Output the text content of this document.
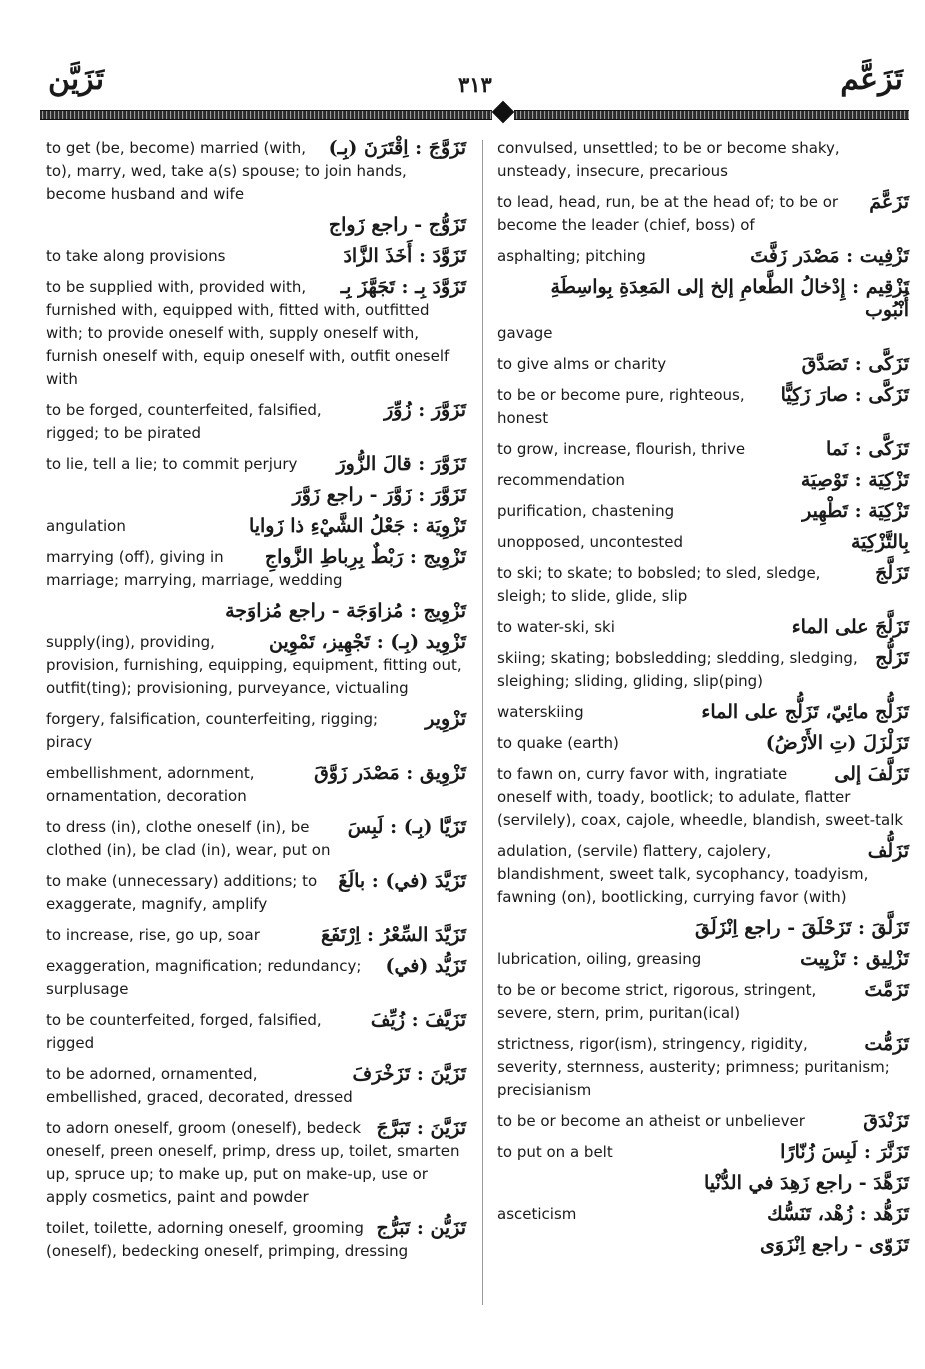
تَزَيَّن	٣١٣	تَزَعَّم
تَزَوَّجَ : اِقْتَرَنَ (بِـ)
to get (be, become) married (with, to), marry, wed, take a(s) spouse; to join hands, become husband and wife
تَزَوُّج - راجع زَواج
تَزَوَّدَ : أَخَذَ الزَّادَ
to take along provisions
تَزَوَّدَ بِـ : تَجَهَّزَ بِـ
to be supplied with, provided with, furnished with, equipped with, fitted with, outfitted with; to provide oneself with, supply oneself with, furnish oneself with, equip oneself with, outfit oneself with
تَزَوَّرَ : زُوِّرَ
to be forged, counterfeited, falsified, rigged; to be pirated
تَزَوَّرَ : قالَ الزُّورَ
to lie, tell a lie; to commit perjury
تَزَوَّرَ : زَوَّرَ - راجع زَوَّرَ
تَزْوِيَة : جَعْلُ الشَّيْءِ ذا زَوايا
angulation
تَزْوِيج : رَبْطٌ بِرِباطِ الزَّواجِ
marrying (off), giving in marriage; marrying, marriage, wedding
تَزْوِيج : مُزاوَجَة - راجع مُزاوَجة
تَزْوِيد (بِـ) : تَجْهِيز، تَمْوِين
supply(ing), providing, provision, furnishing, equipping, equipment, fitting out, outfit(ting); provisioning, purveyance, victualing
تَزْوِير
forgery, falsification, counterfeiting, rigging; piracy
تَزْوِيق : مَصْدَر زَوَّقَ
embellishment, adornment, ornamentation, decoration
تَزَيَّا (بِـ) : لَبِسَ
to dress (in), clothe oneself (in), be clothed (in), be clad (in), wear, put on
تَزَيَّدَ (في) : بالَغَ
to make (unnecessary) additions; to exaggerate, magnify, amplify
تَزَيَّدَ السِّعْرُ : اِرْتَفَعَ
to increase, rise, go up, soar
تَزَيُّد (في)
exaggeration, magnification; redundancy; surplusage
تَزَيَّفَ : زُيِّفَ
to be counterfeited, forged, falsified, rigged
تَزَيَّنَ : تَزَخْرَفَ
to be adorned, ornamented, embellished, graced, decorated, dressed
تَزَيَّنَ : تَبَرَّجَ
to adorn oneself, groom (oneself), bedeck oneself, preen oneself, primp, dress up, toilet, smarten up, spruce up; to make up, put on make-up, use or apply cosmetics, paint and powder
تَزَيُّن : تَبَرُّج
toilet, toilette, adorning oneself, grooming (oneself), bedecking oneself, primping, dressing
convulsed, unsettled; to be or become shaky, unsteady, insecure, precarious
تَزَعَّمَ
to lead, head, run, be at the head of; to be or become the leader (chief, boss) of
تَزْفِيت : مَصْدَر زَفَّتَ
asphalting; pitching
تَزْقِيم : إِدْخالُ الطَّعامِ إلخ إلى المَعِدَةِ بِواسِطَةِ أُنْبُوب
gavage
تَزَكَّى : تَصَدَّقَ
to give alms or charity
تَزَكَّى : صارَ زَكِيًّا
to be or become pure, righteous, honest
تَزَكَّى : نَما
to grow, increase, flourish, thrive
تَزْكِيَة : تَوْصِيَة
recommendation
تَزْكِيَة : تَطْهِير
purification, chastening
بِالتَّزْكِيَة
unopposed, uncontested
تَزَلَّجَ
to ski; to skate; to bobsled; to sled, sledge, sleigh; to slide, glide, slip
تَزَلَّجَ على الماء
to water-ski, ski
تَزَلُّج
skiing; skating; bobsledding; sledding, sledging, sleighing; sliding, gliding, slip(ping)
تَزَلُّج مائِيّ، تَزَلُّج على الماء
waterskiing
تَزَلْزَلَ (تِ الأَرْضُ)
to quake (earth)
تَزَلَّفَ إلى
to fawn on, curry favor with, ingratiate oneself with, toady, bootlick; to adulate, flatter (servilely), coax, cajole, wheedle, blandish, sweet-talk
تَزَلُّف
adulation, (servile) flattery, cajolery, blandishment, sweet talk, sycophancy, toadyism, fawning (on), bootlicking, currying favor (with)
تَزَلَّقَ : تَزَحْلَقَ - راجع اِنْزَلَقَ
تَزْلِيق : تَزْيِيت
lubrication, oiling, greasing
تَزَمَّتَ
to be or become strict, rigorous, stringent, severe, stern, prim, puritan(ical)
تَزَمُّت
strictness, rigor(ism), stringency, rigidity, severity, sternness, austerity; primness; puritanism; precisianism
تَزَنْدَقَ
to be or become an atheist or unbeliever
تَزَنَّرَ : لَبِسَ زُنّارًا
to put on a belt
تَزَهَّدَ - راجع زَهِدَ في الدُّنْيا
تَزَهُّد : زُهْد، تَنَسُّك
asceticism
تَزَوّى - راجع اِنْزَوَى
